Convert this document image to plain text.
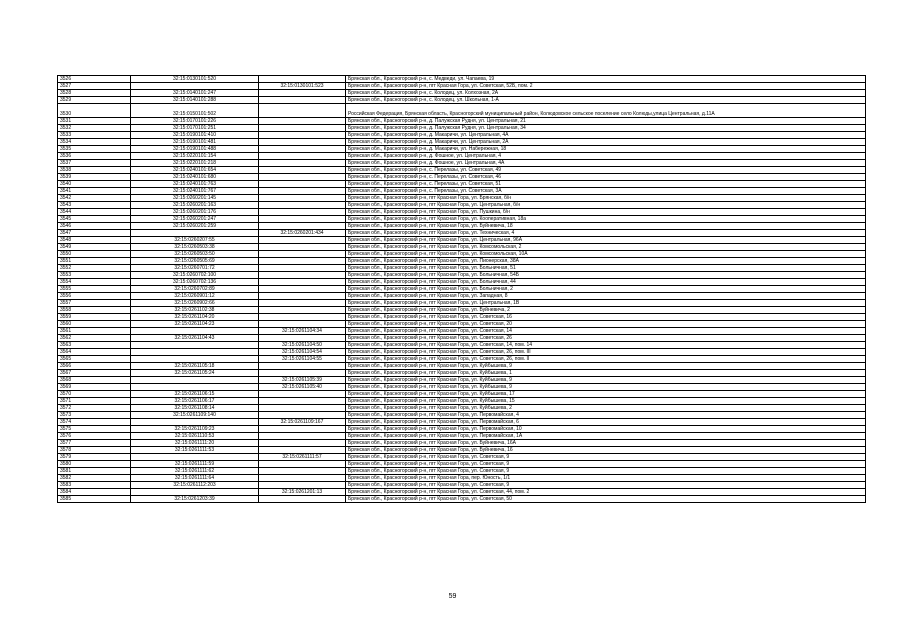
3526	32:15:0130101:520		Брянская обл., Красногорский р-н, с. Медведи, ул. Чапаева, 19
3527		32:15:0130101:523	Брянская обл., Красногорский р-н, пгт Красная Гора, ул. Советская, 52Б, пом. 2
3528	32:15:0140101:247		Брянская обл., Красногорский р-н, с. Колодец, ул. Колхозная, 2А
3529	32:15:0140101:288		Брянская обл., Красногорский р-н, с. Колодец, ул. Школьная, 1-А
3530	32:15:0150101:502		Российская Федерация, Брянская область, Красногорский муниципальный район, Колюдовское сельское поселение село Колюды,улица Центральная, д.11А
3531	32:15:0170101:226		Брянская обл., Красногорский р-н, д. Палужская Рудня, ул. Центральная, 21
3532	32:15:0170101:251		Брянская обл., Красногорский р-н, д. Палужская Рудня, ул. Центральная, 34
3533	32:15:0190101:410		Брянская обл., Красногорский р-н, д. Макаричи, ул. Центральная, 4А
3534	32:15:0190101:481		Брянская обл., Красногорский р-н, д. Макаричи, ул. Центральная, 2А
3535	32:15:0190101:488		Брянская обл., Красногорский р-н, д. Макаричи, ул. Набережная, 18
3536	32:15:0220101:154		Брянская обл., Красногорский р-н, д. Фошное, ул. Центральная, 4
3537	32:15:0220101:218		Брянская обл., Красногорский р-н, д. Фошное, ул. Центральная, 4А
3538	32:15:0240101:654		Брянская обл., Красногорский р-н, с. Перелазы, ул. Советская, 49
3539	32:15:0240101:680		Брянская обл., Красногорский р-н, с. Перелазы, ул. Советская, 46
3540	32:15:0240101:763		Брянская обл., Красногорский р-н, с. Перелазы, ул. Советская, 51
3541	32:15:0240101:767		Брянская обл., Красногорский р-н, с. Перелазы, ул. Советская, 3А
3542	32:15:0260201:145		Брянская обл., Красногорский р-н, пгт Красная Гора, ул. Брянская, б/н
3543	32:15:0260201:163		Брянская обл., Красногорский р-н, пгт Красная Гора, ул. Центральная, б/н
3544	32:15:0260201:176		Брянская обл., Красногорский р-н, пгт Красная Гора, ул. Пушкина, б/н
3545	32:15:0260201:247		Брянская обл., Красногорский р-н, пгт Красная Гора, ул. Кооперативная, 18а
3546	32:15:0260201:259		Брянская обл., Красногорский р-н, пгт Красная Гора, ул. Буйневича, 18
3547		32:15:0260201:434	Брянская обл., Красногорский р-н, пгт Красная Гора, ул. Техническая, 4
3548	32:15:0260207:55		Брянская обл., Красногорский р-н, пгт Красная Гора, ул. Центральная, 96А
3549	32:15:0260503:38		Брянская обл., Красногорский р-н, пгт Красная Гора, ул. Комсомольская, 2
3550	32:15:0260503:50		Брянская обл., Красногорский р-н, пгт Красная Гора, ул. Комсомольская, 10А
3551	32:15:0260505:69		Брянская обл., Красногорский р-н, пгт Красная Гора, ул. Пионерская, 38А
3552	32:15:0260701:72		Брянская обл., Красногорский р-н, пгт Красная Гора, ул. Больничная, 51
3553	32:15:0260702:100		Брянская обл., Красногорский р-н, пгт Красная Гора, ул. Больничная, 54Б
3554	32:15:0260702:136		Брянская обл., Красногорский р-н, пгт Красная Гора, ул. Больничная, 44
3555	32:15:0260702:89		Брянская обл., Красногорский р-н, пгт Красная Гора, ул. Больничная, 2
3556	32:15:0260901:12		Брянская обл., Красногорский р-н, пгт Красная Гора, ул. Западная, 8
3557	32:15:0260902:66		Брянская обл., Красногорский р-н, пгт Красная Гора, ул. Центральная, 1В
3558	32:15:0261102:38		Брянская обл., Красногорский р-н, пгт Красная Гора, ул. Буйневича, 2
3559	32:15:0261104:20		Брянская обл., Красногорский р-н, пгт Красная Гора, ул. Советская, 16
3560	32:15:0261104:23		Брянская обл., Красногорский р-н, пгт Красная Гора, ул. Советская, 20
3561		32:15:0261104:34	Брянская обл., Красногорский р-н, пгт Красная Гора, ул. Советская, 14
3562	32:15:0261104:43		Брянская обл., Красногорский р-н, пгт Красная Гора, ул. Советская, 26
3563		32:15:0261104:50	Брянская обл., Красногорский р-н, пгт Красная Гора, ул. Советская, 14, пом. 14
3564		32:15:0261104:54	Брянская обл., Красногорский р-н, пгт Красная Гора, ул. Советская, 26, пом. III
3565		32:15:0261104:55	Брянская обл., Красногорский р-н, пгт Красная Гора, ул. Советская, 26, пом. II
3566	32:15:0261105:18		Брянская обл., Красногорский р-н, пгт Красная Гора, ул. Куйбышева, 9
3567	32:15:0261105:24		Брянская обл., Красногорский р-н, пгт Красная Гора, ул. Куйбышева, 1
3568		32:15:0261105:39	Брянская обл., Красногорский р-н, пгт Красная Гора, ул. Куйбышева, 9
3569		32:15:0261105:40	Брянская обл., Красногорский р-н, пгт Красная Гора, ул. Куйбышева, 9
3570	32:15:0261106:15		Брянская обл., Красногорский р-н, пгт Красная Гора, ул. Куйбышева, 17
3571	32:15:0261106:17		Брянская обл., Красногорский р-н, пгт Красная Гора, ул. Куйбышева, 15
3572	32:15:0261108:14		Брянская обл., Красногорский р-н, пгт Красная Гора, ул. Куйбышева, 2
3573	32:15:0261109:140		Брянская обл., Красногорский р-н, пгт Красная Гора, ул. Первомайская, 4
3574		32:15:0261109:167	Брянская обл., Красногорский р-н, пгт Красная Гора, ул. Первомайская, 6
3575	32:15:0261109:23		Брянская обл., Красногорский р-н, пгт Красная Гора, ул. Первомайская, 10
3576	32:15:0261110:53		Брянская обл., Красногорский р-н, пгт Красная Гора, ул. Первомайская, 1А
3577	32:15:0261111:20		Брянская обл., Красногорский р-н, пгт Красная Гора, ул. Буйневича, 16А
3578	32:15:0261111:53		Брянская обл., Красногорский р-н, пгт Красная Гора, ул. Буйневича, 16
3579		32:15:0261111:57	Брянская обл., Красногорский р-н, пгт Красная Гора, ул. Советская, 9
3580	32:15:0261111:59		Брянская обл., Красногорский р-н, пгт Красная Гора, ул. Советская, 9
3581	32:15:0261111:62		Брянская обл., Красногорский р-н, пгт Красная Гора, ул. Советская, 9
3582	32:15:0261111:64		Брянская обл., Красногорский р-н, пгт Красная Гора, пер. Юность, 1/1
3583	32:15:0261112:203		Брянская обл., Красногорский р-н, пгт Красная Гора, ул. Советская, 9
3584		32:15:0261201:13	Брянская обл., Красногорский р-н, пгт Красная Гора, ул. Советская, 44, пом. 2
3585	32:15:0261203:39		Брянская обл., Красногорский р-н, пгт Красная Гора, ул. Советская, 50
59
